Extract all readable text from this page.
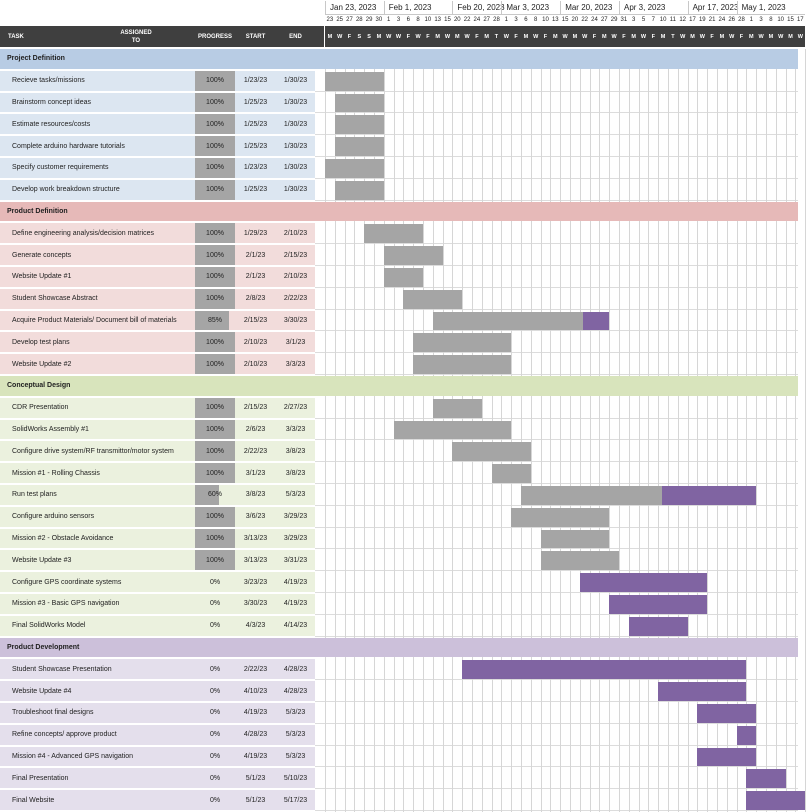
TASK
ASSIGNED TO
PROGRESS	START	END
Jan 23, 2023	Feb 1, 2023	Feb 20, 2023 Mar 3, 2023	Mar 20, 2023	Apr 3, 2023	Apr 17, 2023 May 1, 2023
23 25 27 28 29 30 1	3	6	8 10 13 15 20 22 24 27 28 1	3	6	8 10 13 15 20 22 24 27 29 31 3	5	7 10 11 12 17 19 21 24 26 28 1	3	8 10 15 17
M W	F	S	S	M W W	F	W	F	M W M W	F	M	T	W	F	M W	F	M W M W	F	M W	F	M W	F	M	T	W M W	F	M W	F	M W M W M W
Project Definition
Recieve tasks/missions	100%	1/23/23	1/30/23
Brainstorm concept ideas	100%	1/25/23	1/30/23
Estimate resources/costs	100%	1/25/23	1/30/23
Complete arduino hardware tutorials	100%	1/25/23	1/30/23
Specify customer requirements	100%	1/23/23	1/30/23
Develop work breakdown structure	100%	1/25/23	1/30/23
Product Definition
Define engineering analysis/decision matrices	100%	1/29/23	2/10/23
Generate concepts	100%	2/1/23	2/15/23
Website Update #1	100%	2/1/23	2/10/23
Student Showcase Abstract	100%	2/8/23	2/22/23
Acquire Product Materials/ Document bill of materials	85%	2/15/23	3/30/23
Develop test plans	100%	2/10/23	3/1/23
Website Update #2	100%	2/10/23	3/3/23
Conceptual Design
CDR Presentation	100%	2/15/23	2/27/23
SolidWorks Assembly #1	100%	2/6/23	3/3/23
Configure drive system/RF transmittor/motor system	100%	2/22/23	3/8/23
Mission #1 - Rolling Chassis	100%	3/1/23	3/8/23
Run test plans	60%	3/8/23	5/3/23
Configure arduino sensors	100%	3/6/23	3/29/23
Mission #2 - Obstacle Avoidance	100%	3/13/23	3/29/23
Website Update #3	100%	3/13/23	3/31/23
Configure GPS coordinate systems	0%	3/23/23	4/19/23
Mission #3 - Basic GPS navigation	0%	3/30/23	4/19/23
Final SolidWorks Model	0%	4/3/23	4/14/23
Product Development
Student Showcase Presentation	0%	2/22/23	4/28/23
Website Update #4	0%	4/10/23	4/28/23
Troubleshoot final designs	0%	4/19/23	5/3/23
Refine concepts/ approve product	0%	4/28/23	5/3/23
Mission #4 - Advanced GPS navigation	0%	4/19/23	5/3/23
Final Presentation	0%	5/1/23	5/10/23
Final Website	0%	5/1/23	5/17/23
